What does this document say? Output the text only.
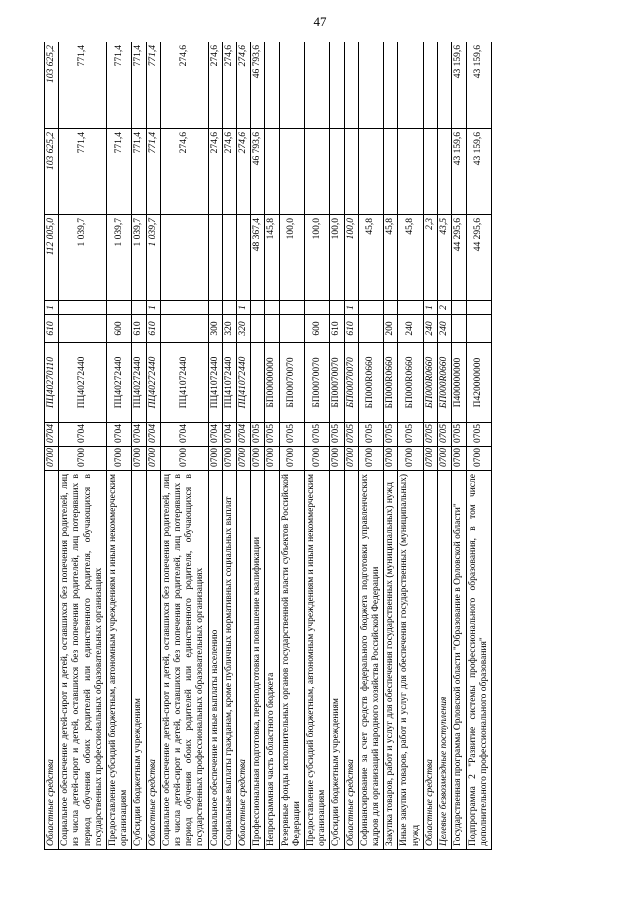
47
Областные средства	0700	0704	ПЦ40270110	610	1	112 005,0	103 625,2	103 625,2
Социальное обеспечение детей-сирот и детей, оставшихся без попечения родителей, лиц из числа детей-сирот и детей, оставшихся без попечения родителей, лиц потерявших в период обучения обоих родителей или единственного родителя, обучающихся в государственных профессиональных образовательных организациях	0700	0704	ПЦ40272440			1 039,7	771,4	771,4
Предоставление субсидий бюджетным, автономным учреждениям и иным некоммерческим организациям	0700	0704	ПЦ40272440	600		1 039,7	771,4	771,4
Субсидии бюджетным учреждениям	0700	0704	ПЦ40272440	610		1 039,7	771,4	771,4
Областные средства	0700	0704	ПЦ40272440	610	1	1 039,7	771,4	771,4
Социальное обеспечение детей-сирот и детей, оставшихся без попечения родителей, лиц из числа детей-сирот и детей, оставшихся без попечения родителей, лиц потерявших в период обучения обоих родителей или единственного родителя, обучающихся в государственных профессиональных образовательных организациях	0700	0704	ПЦ41072440				274,6	274,6
Социальное обеспечение и иные выплаты населению	0700	0704	ПЦ41072440	300			274,6	274,6
Социальные выплаты гражданам, кроме публичных нормативных социальных выплат	0700	0704	ПЦ41072440	320			274,6	274,6
Областные средства	0700	0704	ПЦ41072440	320	1		274,6	274,6
Профессиональная подготовка, переподготовка и повышение квалификации	0700	0705				48 367,4	46 793,6	46 793,6
Непрограммная часть областного бюджета	0700	0705	БП00000000			145,8		
Резервные фонды исполнительных органов государственной власти субъектов Российской Федерации	0700	0705	БП00070070			100,0		
Предоставление субсидий бюджетным, автономным учреждениям и иным некоммерческим организациям	0700	0705	БП00070070	600		100,0		
Субсидии бюджетным учреждениям	0700	0705	БП00070070	610		100,0		
Областные средства	0700	0705	БП00070070	610	1	100,0		
Софинансирование за счет средств федерального бюджета подготовки управленческих кадров для организаций народного хозяйства Российской Федерации	0700	0705	БП000R0660			45,8		
Закупка товаров, работ и услуг для обеспечения государственных (муниципальных) нужд	0700	0705	БП000R0660	200		45,8		
Иные закупки товаров, работ и услуг для обеспечения государственных (муниципальных) нужд	0700	0705	БП000R0660	240		45,8		
Областные средства	0700	0705	БП000R0660	240	1	2,3		
Целевые безвозмездные поступления	0700	0705	БП000R0660	240	2	43,5		
Государственная программа Орловской области "Образование в Орловской области"	0700	0705	П400000000			44 295,6	43 159,6	43 159,6
Подпрограмма 2 "Развитие системы профессионального образования, в том числе дополнительного профессионального образования"	0700	0705	П420000000			44 295,6	43 159,6	43 159,6
